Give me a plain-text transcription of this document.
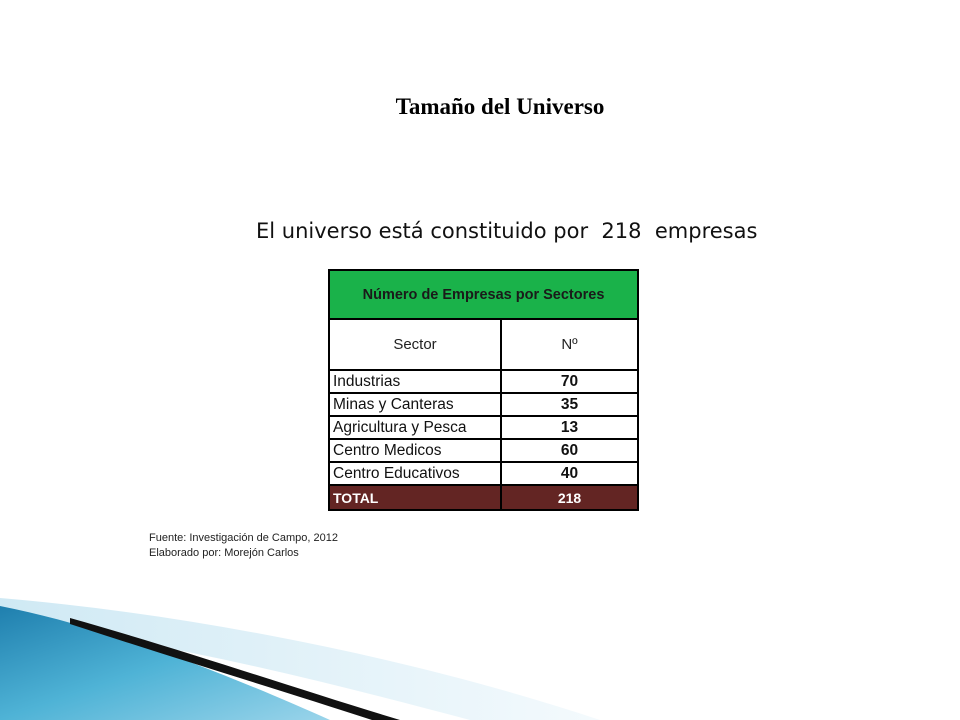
Tamaño del Universo
El universo está constituido por  218  empresas
Número de Empresas por Sectores	
Sector	Nº
Industrias	70
Minas y Canteras	35
Agricultura y Pesca	13
Centro Medicos	60
Centro Educativos	40
TOTAL	218
Fuente: Investigación de Campo, 2012
Elaborado por: Morejón Carlos
